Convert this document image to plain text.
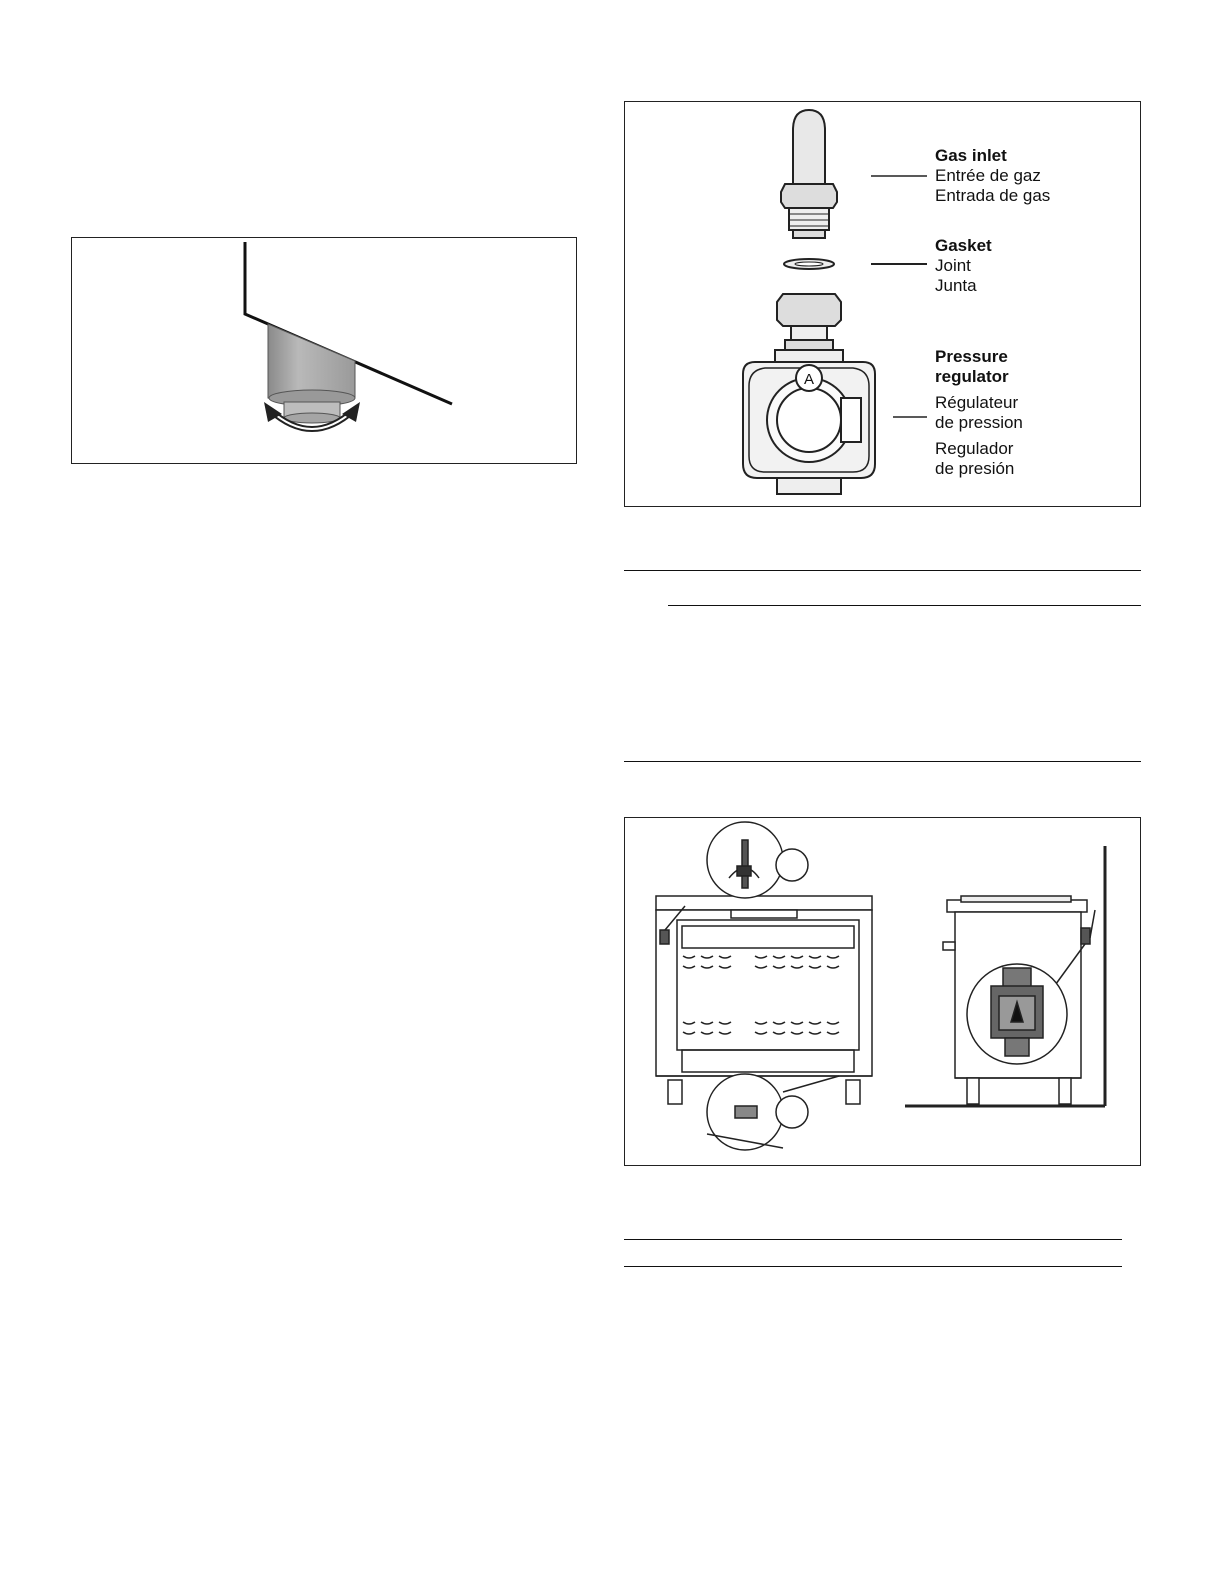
A
Gas inlet
Entrée de gaz
Entrada de gas
Gasket
Joint
Junta
Pressure
regulator
Régulateur
de pression
Regulador
de presión
